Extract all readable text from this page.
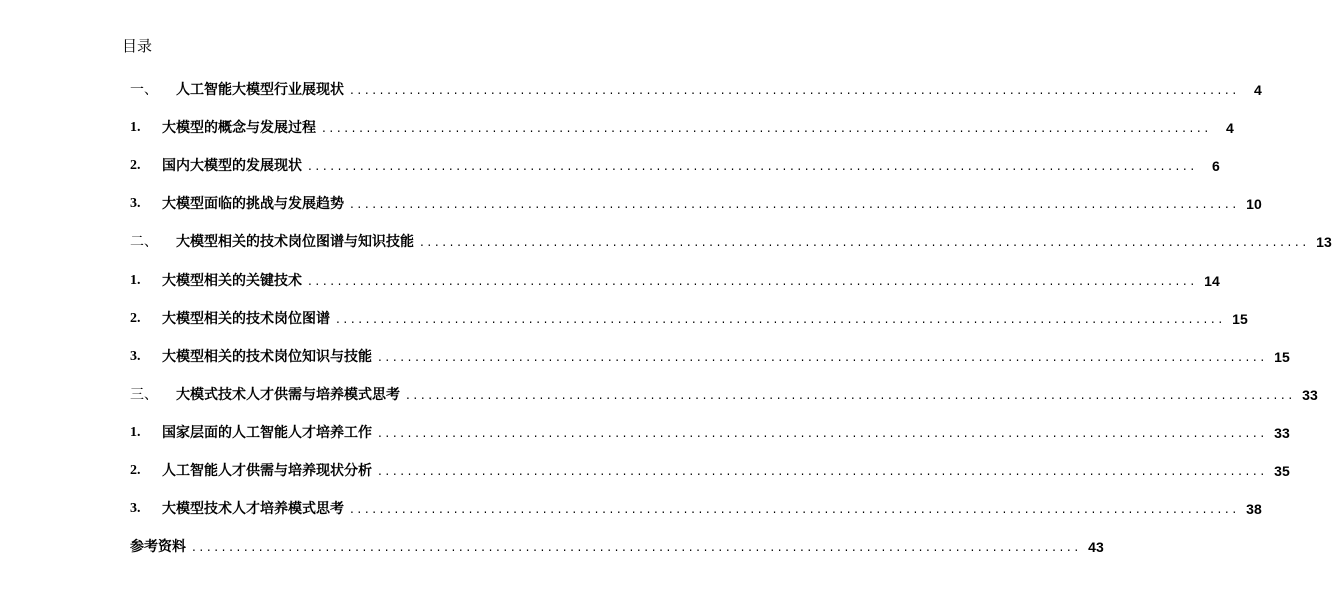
目录
一、	人工智能大模型行业展现状 ........................................................................................................................	4
1.	大模型的概念与发展过程 ........................................................................................................................	4
2.	国内大模型的发展现状 ........................................................................................................................	6
3.	大模型面临的挑战与发展趋势 ........................................................................................................................ 10
二、	大模型相关的技术岗位图谱与知识技能 ........................................................................................................................ 13
1.	大模型相关的关键技术 ........................................................................................................................ 14
2.	大模型相关的技术岗位图谱 ........................................................................................................................ 15
3.	大模型相关的技术岗位知识与技能 ........................................................................................................................ 15
三、	大模式技术人才供需与培养模式思考 ........................................................................................................................ 33
1.	国家层面的人工智能人才培养工作 ........................................................................................................................ 33
2.	人工智能人才供需与培养现状分析 ........................................................................................................................ 35
3.	大模型技术人才培养模式思考 ........................................................................................................................ 38
参考资料 ........................................................................................................................ 43
